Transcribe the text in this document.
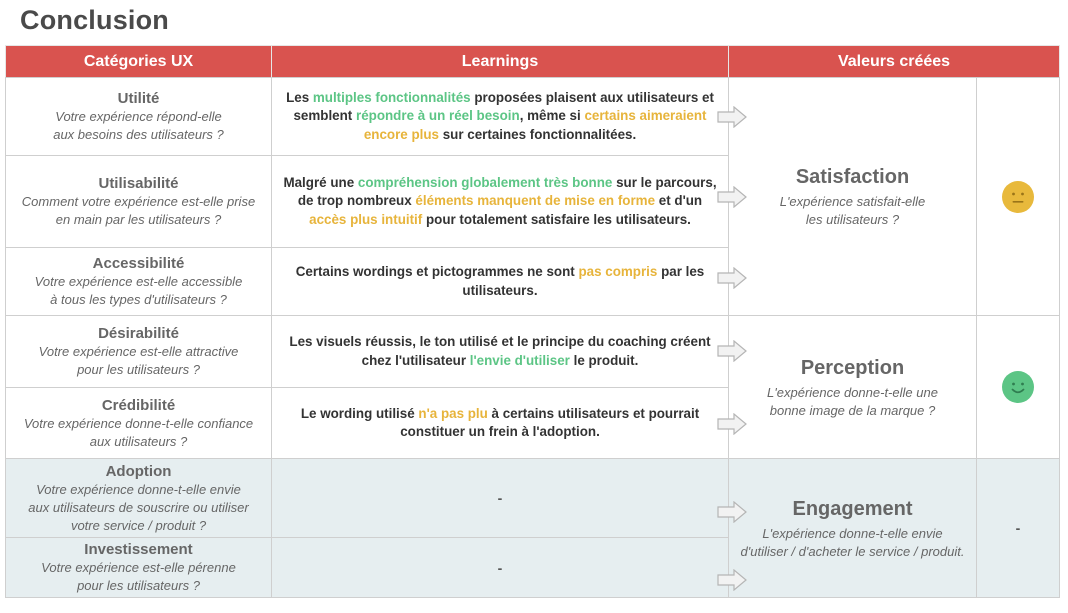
Conclusion
Catégories UX	Learnings	Valeurs créées
Utilité
Votre expérience répond-elle
aux besoins des utilisateurs ?
Les multiples fonctionnalités proposées plaisent aux utilisateurs et
semblent répondre à un réel besoin, même si certains aimeraient
encore plus sur certaines fonctionnalitées.
Utilisabilité
Comment votre expérience est-elle prise
en main par les utilisateurs ?
Malgré une compréhension globalement très bonne sur le parcours,
de trop nombreux éléments manquent de mise en forme et d'un
accès plus intuitif pour totalement satisfaire les utilisateurs.
Accessibilité
Votre expérience est-elle accessible
à tous les types d'utilisateurs ?
Certains wordings et pictogrammes ne sont pas compris par les
utilisateurs.
Désirabilité
Votre expérience est-elle attractive
pour les utilisateurs ?
Les visuels réussis, le ton utilisé et le principe du coaching créent
chez l'utilisateur l'envie d'utiliser le produit.
Crédibilité
Votre expérience donne-t-elle confiance
aux utilisateurs ?
Le wording utilisé n'a pas plu à certains utilisateurs et pourrait
constituer un frein à l'adoption.
Adoption
Votre expérience donne-t-elle envie
aux utilisateurs de souscrire ou utiliser
votre service / produit ?
-
Investissement
Votre expérience est-elle pérenne
pour les utilisateurs ?
-
Satisfaction
L'expérience satisfait-elle
les utilisateurs ?
Perception
L'expérience donne-t-elle une
bonne image de la marque ?
Engagement
L'expérience donne-t-elle envie
d'utiliser / d'acheter le service / produit.
-
